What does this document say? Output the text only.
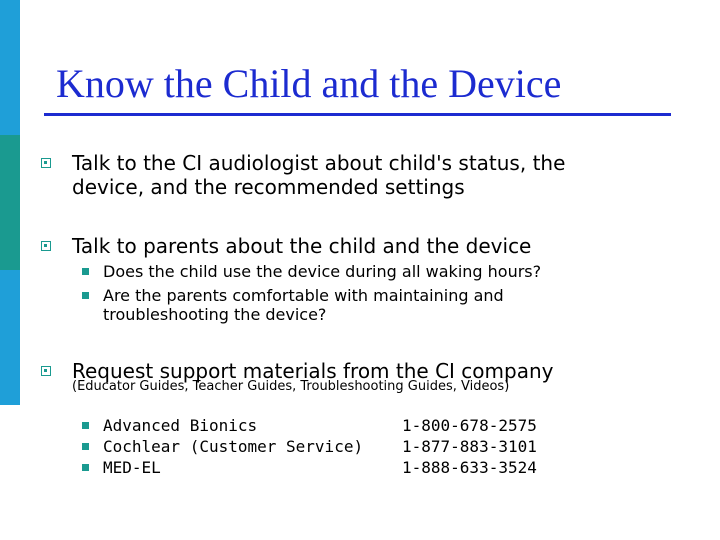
Know the Child and the Device
Talk to the CI audiologist about child's status, the
device, and the recommended settings
Talk to parents about the child and the device
Does the child use the device during all waking hours?
Are the parents comfortable with maintaining and
troubleshooting the device?
Request support materials from the CI company
(Educator Guides, Teacher Guides, Troubleshooting Guides, Videos)
Advanced Bionics	1-800-678-2575
Cochlear (Customer Service) 1-877-883-3101
MED-EL	1-888-633-3524
